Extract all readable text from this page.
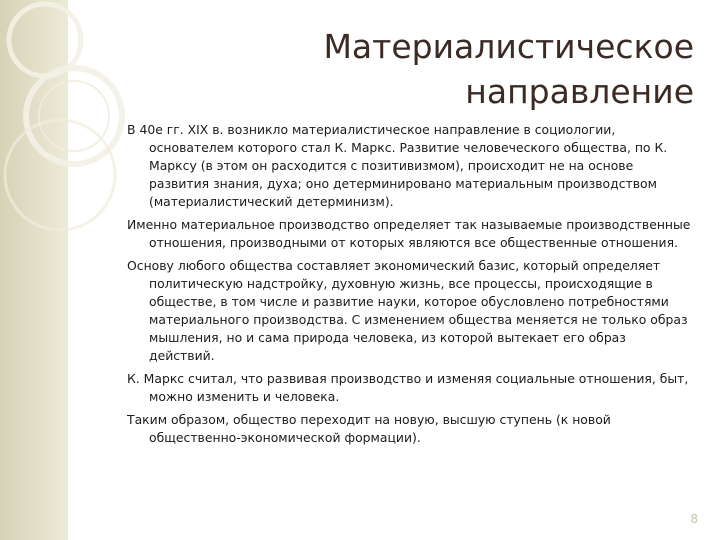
Материалистическое
направление

В 40е гг. XIX в. возникло материалистическое направление в социологии, основателем которого стал К. Маркс. Развитие человеческого общества, по К. Марксу (в этом он расходится с позитивизмом), происходит не на основе развития знания, духа; оно детерминировано материальным производством (материалистический детерминизм).

Именно материальное производство определяет так называемые производственные отношения, производными от которых являются все общественные отношения.

Основу любого общества составляет экономический базис, который определяет политическую надстройку, духовную жизнь, все процессы, происходящие в обществе, в том числе и развитие науки, которое обусловлено потребностями материального производства. С изменением общества меняется не только образ мышления, но и сама природа человека, из которой вытекает его образ действий.

К. Маркс считал, что развивая производство и изменяя социальные отношения, быт, можно изменить и человека.

Таким образом, общество переходит на новую, высшую ступень (к новой общественно-экономической формации).

8
